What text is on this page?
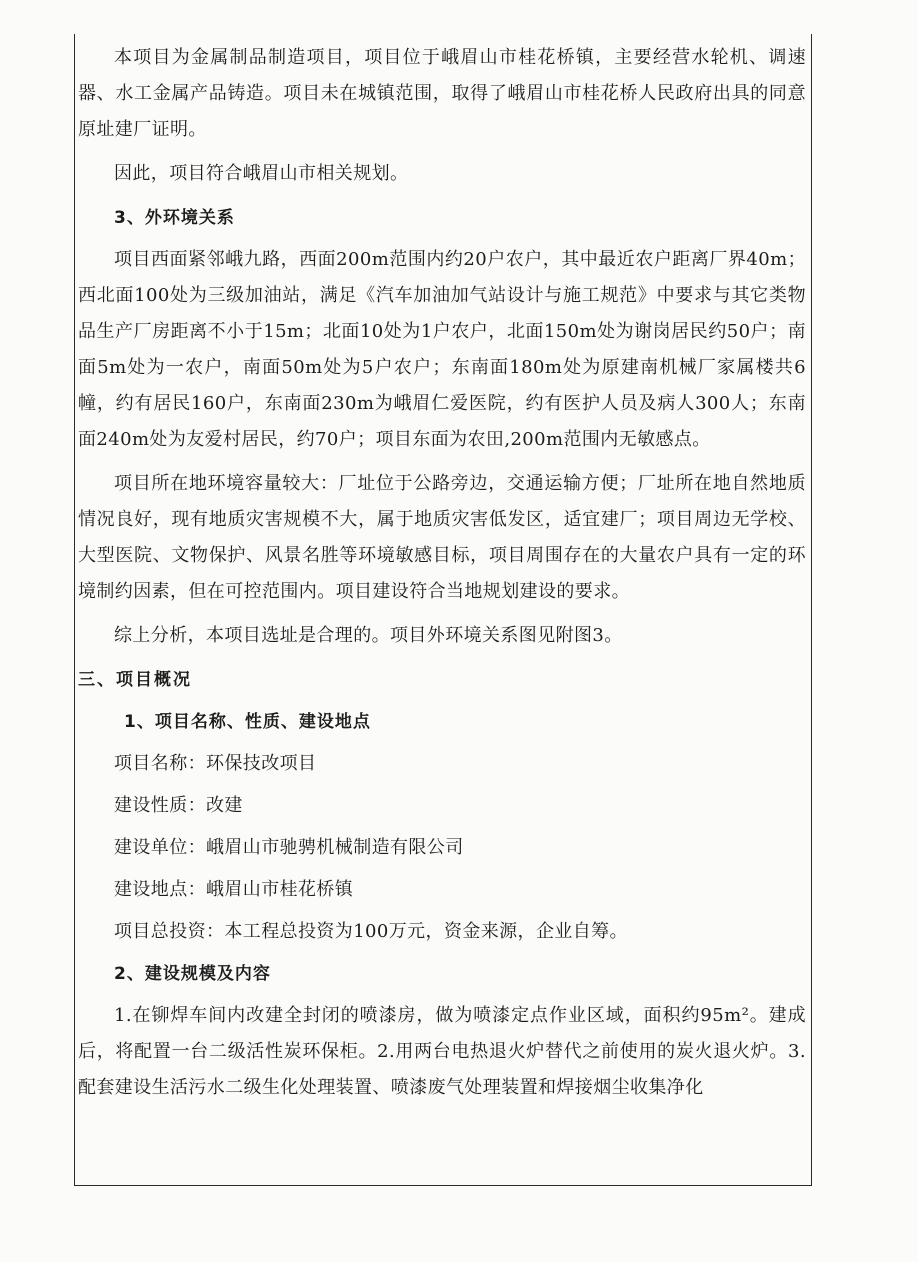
本项目为金属制品制造项目，项目位于峨眉山市桂花桥镇，主要经营水轮机、调速器、水工金属产品铸造。项目未在城镇范围，取得了峨眉山市桂花桥人民政府出具的同意原址建厂证明。

因此，项目符合峨眉山市相关规划。

3、外环境关系

项目西面紧邻峨九路，西面200m范围内约20户农户，其中最近农户距离厂界40m；西北面100处为三级加油站，满足《汽车加油加气站设计与施工规范》中要求与其它类物品生产厂房距离不小于15m；北面10处为1户农户，北面150m处为谢岗居民约50户；南面5m处为一农户，南面50m处为5户农户；东南面180m处为原建南机械厂家属楼共6幢，约有居民160户，东南面230m为峨眉仁爱医院，约有医护人员及病人300人；东南面240m处为友爱村居民，约70户；项目东面为农田,200m范围内无敏感点。

项目所在地环境容量较大：厂址位于公路旁边，交通运输方便；厂址所在地自然地质情况良好，现有地质灾害规模不大，属于地质灾害低发区，适宜建厂；项目周边无学校、大型医院、文物保护、风景名胜等环境敏感目标，项目周围存在的大量农户具有一定的环境制约因素，但在可控范围内。项目建设符合当地规划建设的要求。

综上分析，本项目选址是合理的。项目外环境关系图见附图3。

三、项目概况

1、项目名称、性质、建设地点

项目名称：环保技改项目

建设性质：改建

建设单位：峨眉山市驰骋机械制造有限公司

建设地点：峨眉山市桂花桥镇

项目总投资：本工程总投资为100万元，资金来源，企业自筹。

2、建设规模及内容

1.在铆焊车间内改建全封闭的喷漆房，做为喷漆定点作业区域，面积约95m²。建成后，将配置一台二级活性炭环保柜。2.用两台电热退火炉替代之前使用的炭火退火炉。3.配套建设生活污水二级生化处理装置、喷漆废气处理装置和焊接烟尘收集净化
